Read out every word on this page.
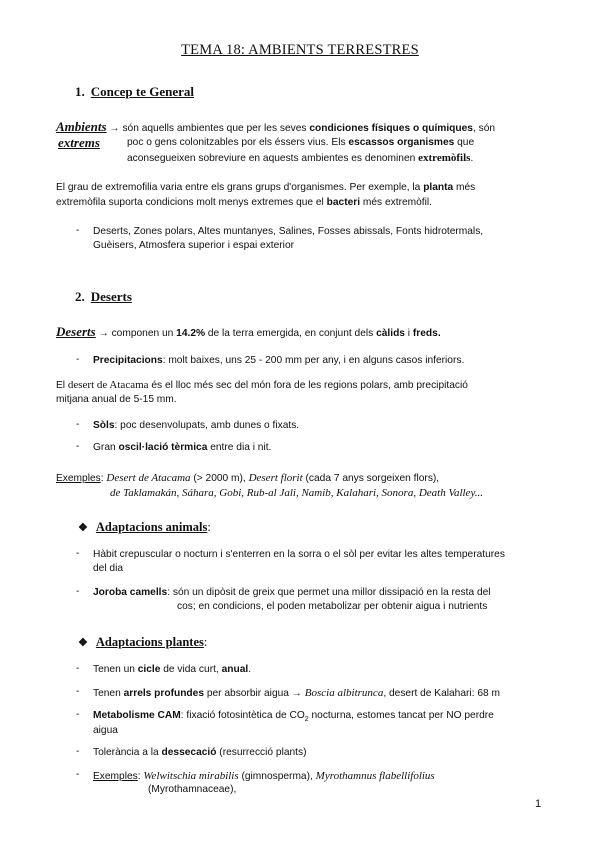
TEMA 18: AMBIENTS TERRESTRES
1. Concep te General
Ambients → són aquells ambientes que per les seves condiciones físiques o químiques, són
extrems	poc o gens colonitzables por els éssers vius. Els escassos organismes que
aconsegueixen sobreviure en aquests ambientes es denominen extremòfils.
El grau de extremofilia varia entre els grans grups d'organismes. Per exemple, la planta més
extremòfila suporta condicions molt menys extremes que el bacteri més extremòfil.
- Deserts, Zones polars, Altes muntanyes, Salines, Fosses abissals, Fonts hidrotermals,
Guèisers, Atmosfera superior i espai exterior
2. Deserts
Deserts → componen un 14.2% de la terra emergida, en conjunt dels càlids i freds.
- Precipitacions: molt baixes, uns 25 - 200 mm per any, i en alguns casos inferiors.
El desert de Atacama és el lloc més sec del món fora de les regions polars, amb precipitació
mitjana anual de 5-15 mm.
- Sòls: poc desenvolupats, amb dunes o fixats.
- Gran oscil·lació tèrmica entre dia i nit.
Exemples: Desert de Atacama (> 2000 m), Desert florit (cada 7 anys sorgeixen flors),
de Taklamakán, Sáhara, Gobi, Rub-al Jali, Namib, Kalahari, Sonora, Death Valley...
❖ Adaptacions animals:
- Hàbit crepuscular o nocturn i s'enterren en la sorra o el sòl per evitar les altes temperatures
del dia
- Joroba camells: són un dipòsit de greix que permet una millor dissipació en la resta del
cos; en condicions, el poden metabolizar per obtenir aigua i nutrients
❖ Adaptacions plantes:
- Tenen un cicle de vida curt, anual.
- Tenen arrels profundes per absorbir aigua → Boscia albitrunca, desert de Kalahari: 68 m
- Metabolisme CAM: fixació fotosintètica de $CO_2$ nocturna, estomes tancat per NO perdre
aigua
- Tolerància a la dessecació (resurrecció plants)
- Exemples: Welwitschia mirabilis (gimnosperma), Myrothamnus flabellifolius
(Myrothamnaceae),
1
